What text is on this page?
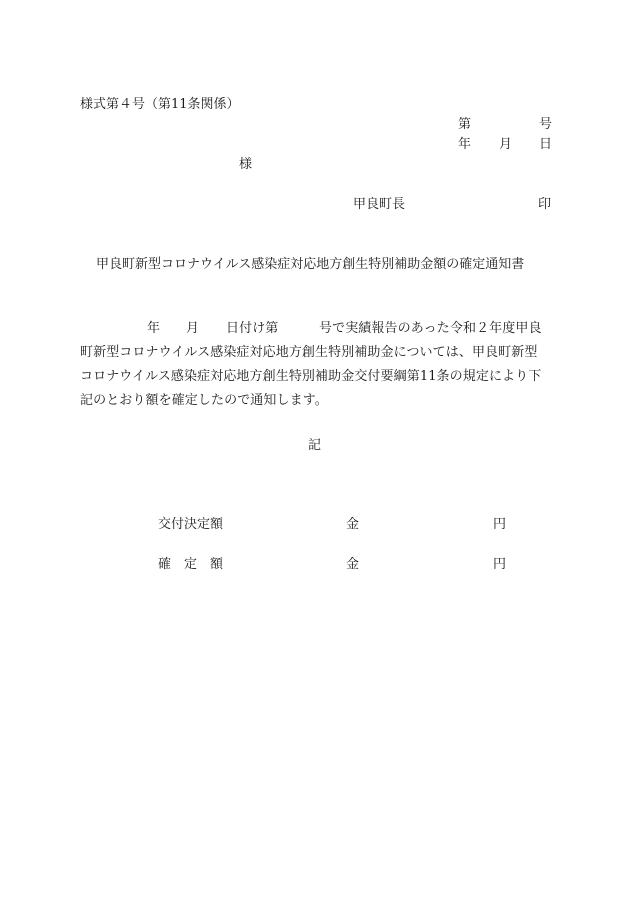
様式第４号（第11条関係）
第	号
年 月 日
様
甲良町長	印
甲良町新型コロナウイルス感染症対応地方創生特別補助金額の確定通知書
年 月 日付け第	号で実績報告のあった令和２年度甲良
町新型コロナウイルス感染症対応地方創生特別補助金については、甲良町新型
コロナウイルス感染症対応地方創生特別補助金交付要綱第11条の規定により下
記のとおり額を確定したので通知します。
記
交付決定額	金	円
確　定　額	金	円
